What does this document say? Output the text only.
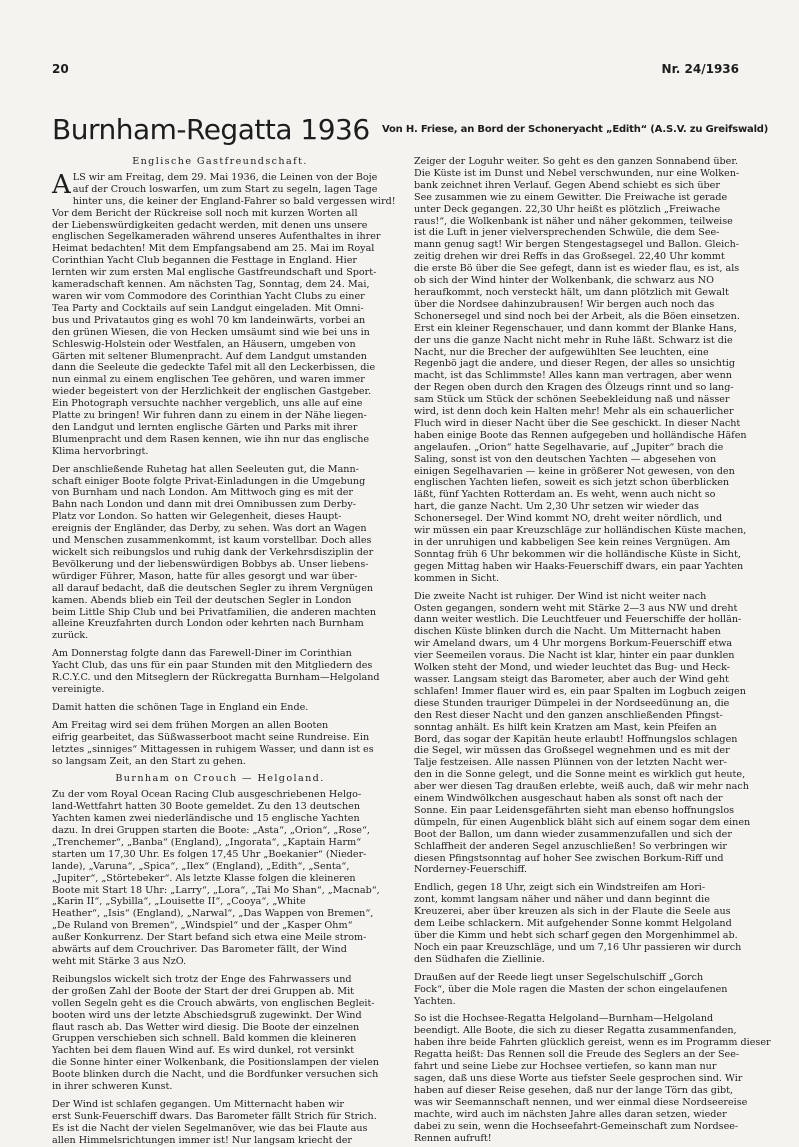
20	Nr. 24/1936
Burnham-Regatta 1936 Von H. Friese, an Bord der Schoneryacht „Edith“ (A.S.V. zu Greifswald)
Englische Gastfreundschaft.
A LS wir am Freitag, dem 29. Mai 1936, die Leinen von der Boje
auf der Crouch loswarfen, um zum Start zu segeln, lagen Tage
hinter uns, die keiner der England-Fahrer so bald vergessen wird!
Vor dem Bericht der Rückreise soll noch mit kurzen Worten all
der Liebenswürdigkeiten gedacht werden, mit denen uns unsere
englischen Segelkameraden während unseres Aufenthaltes in ihrer
Heimat bedachten! Mit dem Empfangsabend am 25. Mai im Royal
Corinthian Yacht Club begannen die Festtage in England. Hier
lernten wir zum ersten Mal englische Gastfreundschaft und Sport-
kameradschaft kennen. Am nächsten Tag, Sonntag, dem 24. Mai,
waren wir vom Commodore des Corinthian Yacht Clubs zu einer
Tea Party and Cocktails auf sein Landgut eingeladen. Mit Omni-
bus und Privatautos ging es wohl 70 km landeinwärts, vorbei an
den grünen Wiesen, die von Hecken umsäumt sind wie bei uns in
Schleswig-Holstein oder Westfalen, an Häusern, umgeben von
Gärten mit seltener Blumenpracht. Auf dem Landgut umstanden
dann die Seeleute die gedeckte Tafel mit all den Leckerbissen, die
nun einmal zu einem englischen Tee gehören, und waren immer
wieder begeistert von der Herzlichkeit der englischen Gastgeber.
Ein Photograph versuchte nachher vergeblich, uns alle auf eine
Platte zu bringen! Wir fuhren dann zu einem in der Nähe liegen-
den Landgut und lernten englische Gärten und Parks mit ihrer
Blumenpracht und dem Rasen kennen, wie ihn nur das englische
Klima hervorbringt.
Der anschließende Ruhetag hat allen Seeleuten gut, die Mann-
schaft einiger Boote folgte Privat-Einladungen in die Umgebung
von Burnham und nach London. Am Mittwoch ging es mit der
Bahn nach London und dann mit drei Omnibussen zum Derby-
Platz vor London. So hatten wir Gelegenheit, dieses Haupt-
ereignis der Engländer, das Derby, zu sehen. Was dort an Wagen
und Menschen zusammenkommt, ist kaum vorstellbar. Doch alles
wickelt sich reibungslos und ruhig dank der Verkehrsdisziplin der
Bevölkerung und der liebenswürdigen Bobbys ab. Unser liebens-
würdiger Führer, Mason, hatte für alles gesorgt und war über-
all darauf bedacht, daß die deutschen Segler zu ihrem Vergnügen
kamen. Abends blieb ein Teil der deutschen Segler in London
beim Little Ship Club und bei Privatfamilien, die anderen machten
alleine Kreuzfahrten durch London oder kehrten nach Burnham
zurück.
Am Donnerstag folgte dann das Farewell-Diner im Corinthian
Yacht Club, das uns für ein paar Stunden mit den Mitgliedern des
R.C.Y.C. und den Mitseglern der Rückregatta Burnham—Helgoland
vereinigte.
Damit hatten die schönen Tage in England ein Ende.
Am Freitag wird sei dem frühen Morgen an allen Booten
eifrig gearbeitet, das Süßwasserboot macht seine Rundreise. Ein
letztes „sinniges“ Mittagessen in ruhigem Wasser, und dann ist es
so langsam Zeit, an den Start zu gehen.
Burnham on Crouch — Helgoland.
Zu der vom Royal Ocean Racing Club ausgeschriebenen Helgo-
land-Wettfahrt hatten 30 Boote gemeldet. Zu den 13 deutschen
Yachten kamen zwei niederländische und 15 englische Yachten
dazu. In drei Gruppen starten die Boote: „Asta“, „Orion“, „Rose“,
„Trenchemer“, „Banba“ (England), „Ingorata“, „Kaptain Harm“
starten um 17,30 Uhr. Es folgen 17,45 Uhr „Boekanier“ (Nieder-
lande), „Varuna“, „Spica“, „Ilex“ (England), „Edith“, „Senta“,
„Jupiter“, „Störtebeker“. Als letzte Klasse folgen die kleineren
Boote mit Start 18 Uhr: „Larry“, „Lora“, „Tai Mo Shan“, „Macnab“,
„Karin II“, „Sybilla“, „Louisette II“, „Cooya“, „White
Heather“, „Isis“ (England), „Narwal“, „Das Wappen von Bremen“,
„De Ruland von Bremen“, „Windspiel“ und der „Kasper Ohm“
außer Konkurrenz. Der Start befand sich etwa eine Meile strom-
abwärts auf dem Crouchriver. Das Barometer fällt, der Wind
weht mit Stärke 3 aus NzO.
Reibungslos wickelt sich trotz der Enge des Fahrwassers und
der großen Zahl der Boote der Start der drei Gruppen ab. Mit
vollen Segeln geht es die Crouch abwärts, von englischen Begleit-
booten wird uns der letzte Abschiedsgruß zugewinkt. Der Wind
flaut rasch ab. Das Wetter wird diesig. Die Boote der einzelnen
Gruppen verschieben sich schnell. Bald kommen die kleineren
Yachten bei dem flauen Wind auf. Es wird dunkel, rot versinkt
die Sonne hinter einer Wolkenbank, die Positionslampen der vielen
Boote blinken durch die Nacht, und die Bordfunker versuchen sich
in ihrer schweren Kunst.
Der Wind ist schlafen gegangen. Um Mitternacht haben wir
erst Sunk-Feuerschiff dwars. Das Barometer fällt Strich für Strich.
Es ist die Nacht der vielen Segelmanöver, wie das bei Flaute aus
allen Himmelsrichtungen immer ist! Nur langsam kriecht der
Zeiger der Loguhr weiter. So geht es den ganzen Sonnabend über.
Die Küste ist im Dunst und Nebel verschwunden, nur eine Wolken-
bank zeichnet ihren Verlauf. Gegen Abend schiebt es sich über
See zusammen wie zu einem Gewitter. Die Freiwache ist gerade
unter Deck gegangen. 22,30 Uhr heißt es plötzlich „Freiwache
raus!“, die Wolkenbank ist näher und näher gekommen, teilweise
ist die Luft in jener vielversprechenden Schwüle, die dem See-
mann genug sagt! Wir bergen Stengestagsegel und Ballon. Gleich-
zeitig drehen wir drei Reffs in das Großsegel. 22,40 Uhr kommt
die erste Bö über die See gefegt, dann ist es wieder flau, es ist, als
ob sich der Wind hinter der Wolkenbank, die schwarz aus NO
heraufkommt, noch versteckt hält, um dann plötzlich mit Gewalt
über die Nordsee dahinzubrausen! Wir bergen auch noch das
Schonersegel und sind noch bei der Arbeit, als die Böen einsetzen.
Erst ein kleiner Regenschauer, und dann kommt der Blanke Hans,
der uns die ganze Nacht nicht mehr in Ruhe läßt. Schwarz ist die
Nacht, nur die Brecher der aufgewühlten See leuchten, eine
Regenbö jagt die andere, und dieser Regen, der alles so unsichtig
macht, ist das Schlimmste! Alles kann man vertragen, aber wenn
der Regen oben durch den Kragen des Ölzeugs rinnt und so lang-
sam Stück um Stück der schönen Seebekleidung naß und nässer
wird, ist denn doch kein Halten mehr! Mehr als ein schauerlicher
Fluch wird in dieser Nacht über die See geschickt. In dieser Nacht
haben einige Boote das Rennen aufgegeben und holländische Häfen
angelaufen. „Orion“ hatte Segelhavarie, auf „Jupiter“ brach die
Saling, sonst ist von den deutschen Yachten — abgesehen von
einigen Segelhavarien — keine in größerer Not gewesen, von den
englischen Yachten liefen, soweit es sich jetzt schon überblicken
läßt, fünf Yachten Rotterdam an. Es weht, wenn auch nicht so
hart, die ganze Nacht. Um 2,30 Uhr setzen wir wieder das
Schonersegel. Der Wind kommt NO, dreht weiter nördlich, und
wir müssen ein paar Kreuzschläge zur holländischen Küste machen,
in der unruhigen und kabbeligen See kein reines Vergnügen. Am
Sonntag früh 6 Uhr bekommen wir die holländische Küste in Sicht,
gegen Mittag haben wir Haaks-Feuerschiff dwars, ein paar Yachten
kommen in Sicht.
Die zweite Nacht ist ruhiger. Der Wind ist nicht weiter nach
Osten gegangen, sondern weht mit Stärke 2—3 aus NW und dreht
dann weiter westlich. Die Leuchtfeuer und Feuerschiffe der hollän-
dischen Küste blinken durch die Nacht. Um Mitternacht haben
wir Ameland dwars, um 4 Uhr morgens Borkum-Feuerschiff etwa
vier Seemeilen voraus. Die Nacht ist klar, hinter ein paar dunklen
Wolken steht der Mond, und wieder leuchtet das Bug- und Heck-
wasser. Langsam steigt das Barometer, aber auch der Wind geht
schlafen! Immer flauer wird es, ein paar Spalten im Logbuch zeigen
diese Stunden trauriger Dümpelei in der Nordseedünung an, die
den Rest dieser Nacht und den ganzen anschließenden Pfingst-
sonntag anhält. Es hilft kein Kratzen am Mast, kein Pfeifen an
Bord, das sogar der Kapitän heute erlaubt! Hoffnungslos schlagen
die Segel, wir müssen das Großsegel wegnehmen und es mit der
Talje festzeisen. Alle nassen Plünnen von der letzten Nacht wer-
den in die Sonne gelegt, und die Sonne meint es wirklich gut heute,
aber wer diesen Tag draußen erlebte, weiß auch, daß wir mehr nach
einem Windwölkchen ausgeschaut haben als sonst oft nach der
Sonne. Ein paar Leidensgefährten sieht man ebenso hoffnungslos
dümpeln, für einen Augenblick bläht sich auf einem sogar dem einen
Boot der Ballon, um dann wieder zusammenzufallen und sich der
Schlaffheit der anderen Segel anzuschließen! So verbringen wir
diesen Pfingstsonntag auf hoher See zwischen Borkum-Riff und
Norderney-Feuerschiff.
Endlich, gegen 18 Uhr, zeigt sich ein Windstreifen am Hori-
zont, kommt langsam näher und näher und dann beginnt die
Kreuzerei, aber über kreuzen als sich in der Flaute die Seele aus
dem Leibe schlackern. Mit aufgehender Sonne kommt Helgoland
über die Kimm und hebt sich scharf gegen den Morgenhimmel ab.
Noch ein paar Kreuzschläge, und um 7,16 Uhr passieren wir durch
den Südhafen die Ziellinie.
Draußen auf der Reede liegt unser Segelschulschiff „Gorch
Fock“, über die Mole ragen die Masten der schon eingelaufenen
Yachten.
So ist die Hochsee-Regatta Helgoland—Burnham—Helgoland
beendigt. Alle Boote, die sich zu dieser Regatta zusammenfanden,
haben ihre beide Fahrten glücklich gereist, wenn es im Programm dieser
Regatta heißt: Das Rennen soll die Freude des Seglers an der See-
fahrt und seine Liebe zur Hochsee vertiefen, so kann man nur
sagen, daß uns diese Worte aus tiefster Seele gesprochen sind. Wir
haben auf dieser Reise gesehen, daß nur der lange Törn das gibt,
was wir Seemannschaft nennen, und wer einmal diese Nordseereise
machte, wird auch im nächsten Jahre alles daran setzen, wieder
dabei zu sein, wenn die Hochseefahrt-Gemeinschaft zum Nordsee-
Rennen aufruft!
